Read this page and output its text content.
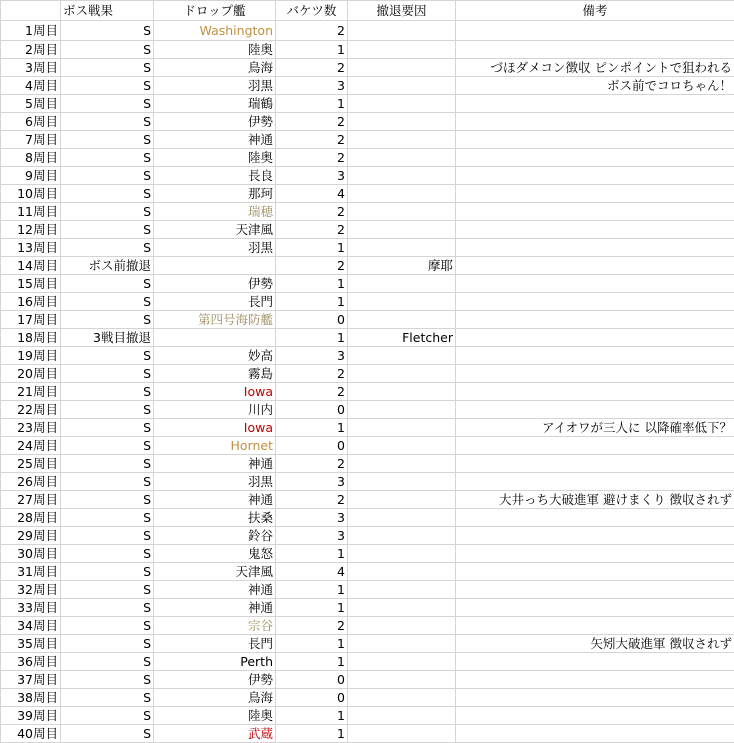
	ボス戦果	ドロップ艦	バケツ数	撤退要因	備考
1周目	S	Washington	2		
2周目	S	陸奥	1		
3周目	S	鳥海	2		づほダメコン徴収 ピンポイントで狙われる
4周目	S	羽黒	3		ボス前でコロちゃん！
5周目	S	瑞鶴	1		
6周目	S	伊勢	2		
7周目	S	神通	2		
8周目	S	陸奥	2		
9周目	S	長良	3		
10周目	S	那珂	4		
11周目	S	瑞穂	2		
12周目	S	天津風	2		
13周目	S	羽黒	1		
14周目	ボス前撤退		2	摩耶	
15周目	S	伊勢	1		
16周目	S	長門	1		
17周目	S	第四号海防艦	0		
18周目	3戦目撤退		1	Fletcher	
19周目	S	妙高	3		
20周目	S	霧島	2		
21周目	S	Iowa	2		
22周目	S	川内	0		
23周目	S	Iowa	1		アイオワが三人に 以降確率低下？
24周目	S	Hornet	0		
25周目	S	神通	2		
26周目	S	羽黒	3		
27周目	S	神通	2		大井っち大破進軍 避けまくり 徴収されず
28周目	S	扶桑	3		
29周目	S	鈴谷	3		
30周目	S	鬼怒	1		
31周目	S	天津風	4		
32周目	S	神通	1		
33周目	S	神通	1		
34周目	S	宗谷	2		
35周目	S	長門	1		矢矧大破進軍 徴収されず
36周目	S	Perth	1		
37周目	S	伊勢	0		
38周目	S	鳥海	0		
39周目	S	陸奥	1		
40周目	S	武蔵	1		
